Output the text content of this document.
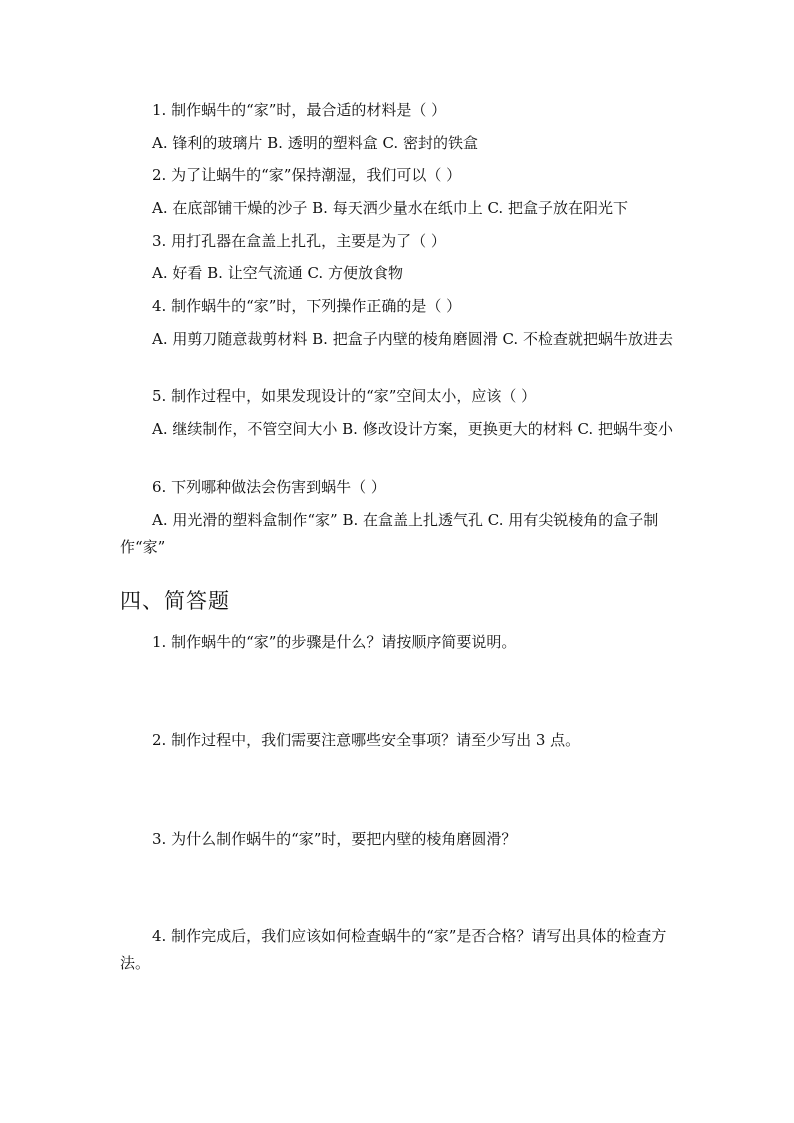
1. 制作蜗牛的“家”时，最合适的材料是（ ）
A. 锋利的玻璃片 B. 透明的塑料盒 C. 密封的铁盒
2. 为了让蜗牛的“家”保持潮湿，我们可以（ ）
A. 在底部铺干燥的沙子 B. 每天洒少量水在纸巾上 C. 把盒子放在阳光下
3. 用打孔器在盒盖上扎孔，主要是为了（ ）
A. 好看 B. 让空气流通 C. 方便放食物
4. 制作蜗牛的“家”时，下列操作正确的是（ ）
A. 用剪刀随意裁剪材料 B. 把盒子内壁的棱角磨圆滑 C. 不检查就把蜗牛放进去
5. 制作过程中，如果发现设计的“家”空间太小，应该（ ）
A. 继续制作，不管空间大小 B. 修改设计方案，更换更大的材料 C. 把蜗牛变小
6. 下列哪种做法会伤害到蜗牛（ ）
A. 用光滑的塑料盒制作“家” B. 在盒盖上扎透气孔 C. 用有尖锐棱角的盒子制作“家”
四、简答题
1. 制作蜗牛的“家”的步骤是什么？请按顺序简要说明。
2. 制作过程中，我们需要注意哪些安全事项？请至少写出 3 点。
3. 为什么制作蜗牛的“家”时，要把内壁的棱角磨圆滑？
4. 制作完成后，我们应该如何检查蜗牛的“家”是否合格？请写出具体的检查方法。
